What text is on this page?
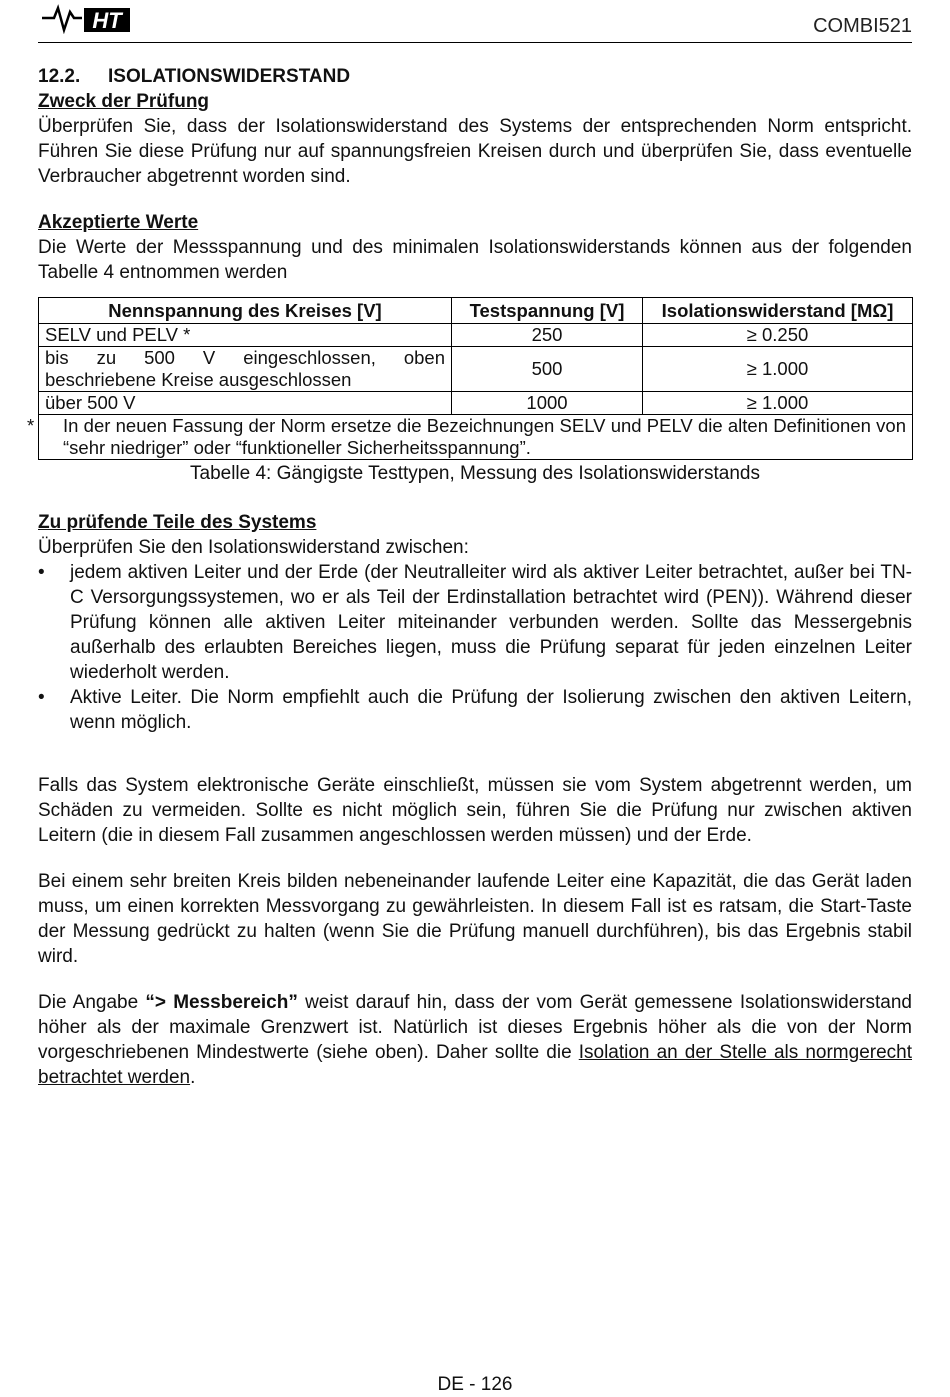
HT	COMBI521
12.2. ISOLATIONSWIDERSTAND
Zweck der Prüfung

Überprüfen Sie, dass der Isolationswiderstand des Systems der entsprechenden Norm entspricht. Führen Sie diese Prüfung nur auf spannungsfreien Kreisen durch und überprüfen Sie, dass eventuelle Verbraucher abgetrennt worden sind.

Akzeptierte Werte

Die Werte der Messspannung und des minimalen Isolationswiderstands können aus der folgenden Tabelle 4 entnommen werden

Nennspannung des Kreises [V]	Testspannung [V]	Isolationswiderstand [MΩ]
SELV und PELV *	250	≥ 0.250
bis zu 500 V eingeschlossen, oben beschriebene Kreise ausgeschlossen	500	≥ 1.000
über 500 V	1000	≥ 1.000

* In der neuen Fassung der Norm ersetze die Bezeichnungen SELV und PELV die alten Definitionen von “sehr niedriger” oder “funktioneller Sicherheitsspannung”.		
Tabelle 4: Gängigste Testtypen, Messung des Isolationswiderstands
Zu prüfende Teile des Systems

Überprüfen Sie den Isolationswiderstand zwischen:

• jedem aktiven Leiter und der Erde (der Neutralleiter wird als aktiver Leiter betrachtet, außer bei TN-C Versorgungssystemen, wo er als Teil der Erdinstallation betrachtet wird (PEN)). Während dieser Prüfung können alle aktiven Leiter miteinander verbunden werden. Sollte das Messergebnis außerhalb des erlaubten Bereiches liegen, muss die Prüfung separat für jeden einzelnen Leiter wiederholt werden.
• Aktive Leiter. Die Norm empfiehlt auch die Prüfung der Isolierung zwischen den aktiven Leitern, wenn möglich.

Falls das System elektronische Geräte einschließt, müssen sie vom System abgetrennt werden, um Schäden zu vermeiden. Sollte es nicht möglich sein, führen Sie die Prüfung nur zwischen aktiven Leitern (die in diesem Fall zusammen angeschlossen werden müssen) und der Erde.

Bei einem sehr breiten Kreis bilden nebeneinander laufende Leiter eine Kapazität, die das Gerät laden muss, um einen korrekten Messvorgang zu gewährleisten. In diesem Fall ist es ratsam, die Start-Taste der Messung gedrückt zu halten (wenn Sie die Prüfung manuell durchführen), bis das Ergebnis stabil wird.

Die Angabe “> Messbereich” weist darauf hin, dass der vom Gerät gemessene Isolationswiderstand höher als der maximale Grenzwert ist. Natürlich ist dieses Ergebnis höher als die von der Norm vorgeschriebenen Mindestwerte (siehe oben). Daher sollte die Isolation an der Stelle als normgerecht betrachtet werden.

DE - 126
